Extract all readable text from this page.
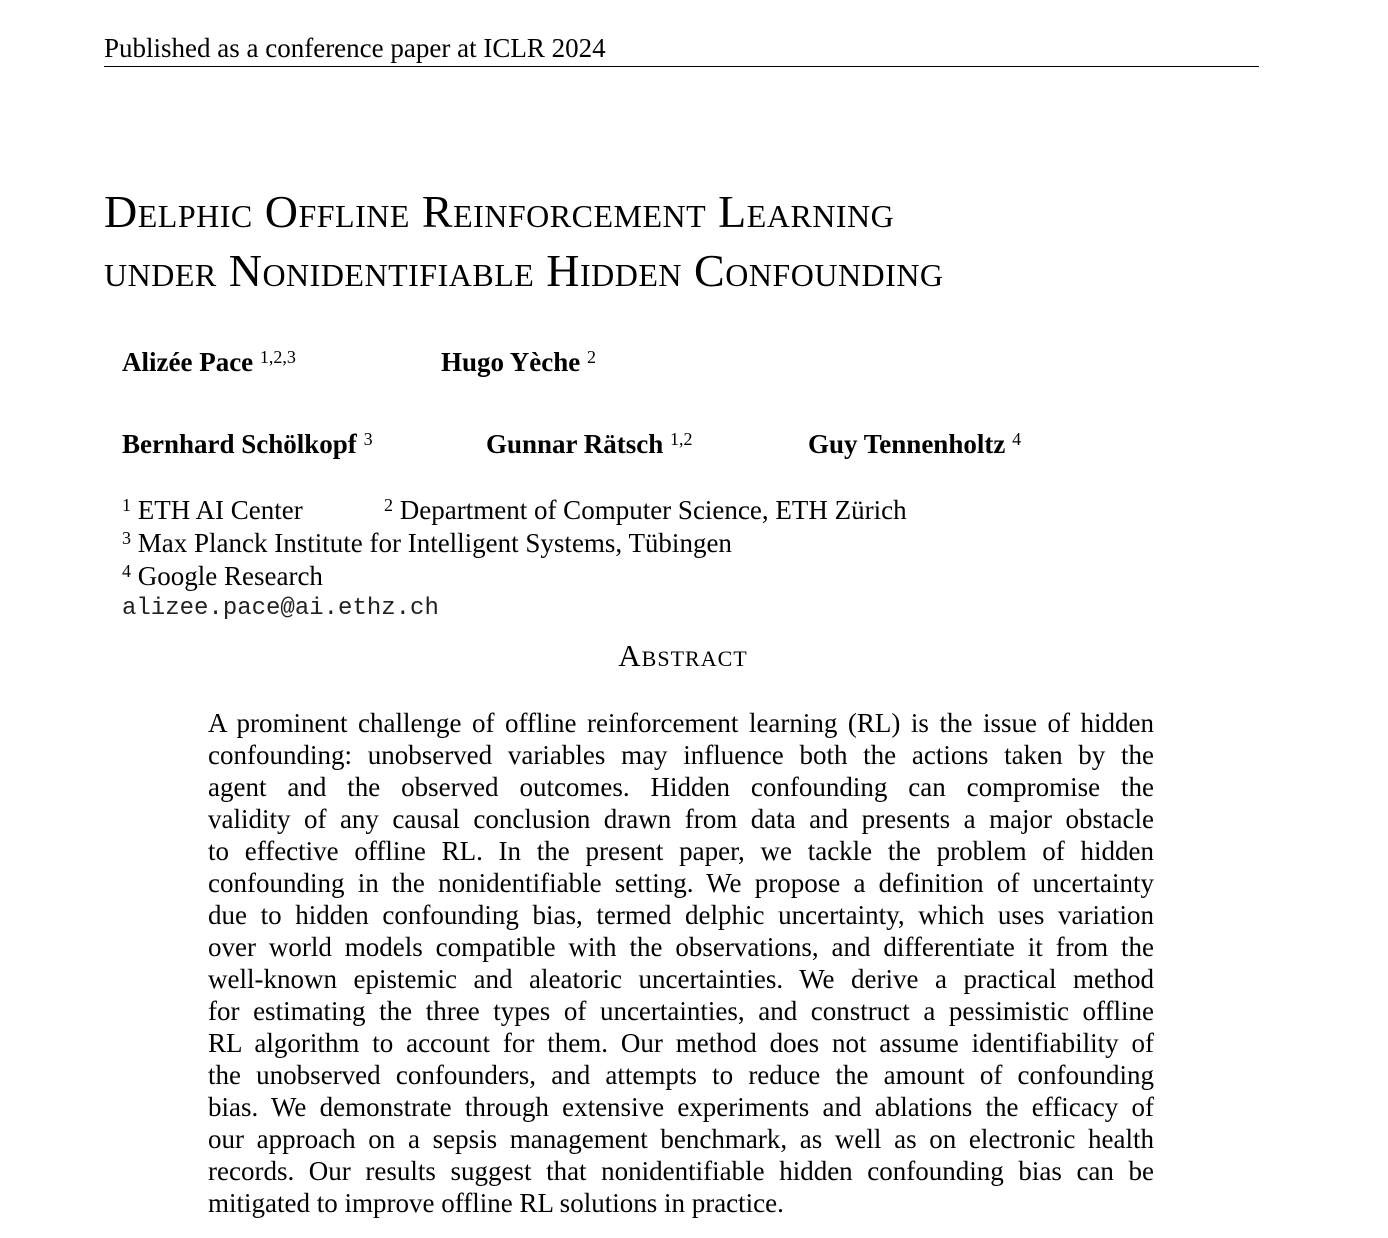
Published as a conference paper at ICLR 2024
Delphic Offline Reinforcement Learning
under Nonidentifiable Hidden Confounding
Alizée Pace $^{1,2,3}$	Hugo Yèche $^2$
Bernhard Schölkopf $^3$	Gunnar Rätsch $^{1,2}$	Guy Tennenholtz $^4$
$^1$ ETH AI Center	$^2$ Department of Computer Science, ETH Zürich
$^3$ Max Planck Institute for Intelligent Systems, Tübingen
$^4$ Google Research
alizee.pace@ai.ethz.ch
Abstract
A prominent challenge of offline reinforcement learning (RL) is the issue of hidden
confounding: unobserved variables may influence both the actions taken by the
agent and the observed outcomes. Hidden confounding can compromise the
validity of any causal conclusion drawn from data and presents a major obstacle
to effective offline RL. In the present paper, we tackle the problem of hidden
confounding in the nonidentifiable setting. We propose a definition of uncertainty
due to hidden confounding bias, termed delphic uncertainty, which uses variation
over world models compatible with the observations, and differentiate it from the
well-known epistemic and aleatoric uncertainties. We derive a practical method
for estimating the three types of uncertainties, and construct a pessimistic offline
RL algorithm to account for them. Our method does not assume identifiability of
the unobserved confounders, and attempts to reduce the amount of confounding
bias. We demonstrate through extensive experiments and ablations the efficacy of
our approach on a sepsis management benchmark, as well as on electronic health
records. Our results suggest that nonidentifiable hidden confounding bias can be
mitigated to improve offline RL solutions in practice.
